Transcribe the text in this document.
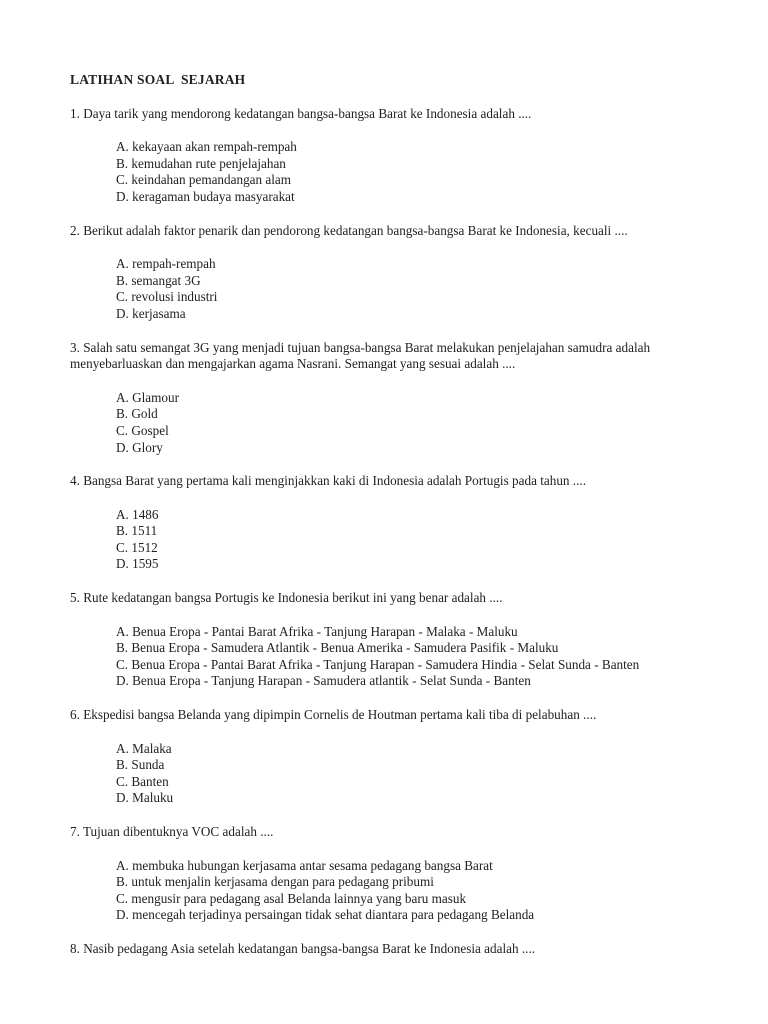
LATIHAN SOAL  SEJARAH

1. Daya tarik yang mendorong kedatangan bangsa-bangsa Barat ke Indonesia adalah ....

A. kekayaan akan rempah-rempah
B. kemudahan rute penjelajahan
C. keindahan pemandangan alam
D. keragaman budaya masyarakat

2. Berikut adalah faktor penarik dan pendorong kedatangan bangsa-bangsa Barat ke Indonesia, kecuali ....

A. rempah-rempah
B. semangat 3G
C. revolusi industri
D. kerjasama

3. Salah satu semangat 3G yang menjadi tujuan bangsa-bangsa Barat melakukan penjelajahan samudra adalah menyebarluaskan dan mengajarkan agama Nasrani. Semangat yang sesuai adalah ....

A. Glamour
B. Gold
C. Gospel
D. Glory

4. Bangsa Barat yang pertama kali menginjakkan kaki di Indonesia adalah Portugis pada tahun ....

A. 1486
B. 1511
C. 1512
D. 1595

5. Rute kedatangan bangsa Portugis ke Indonesia berikut ini yang benar adalah ....

A. Benua Eropa - Pantai Barat Afrika - Tanjung Harapan - Malaka - Maluku
B. Benua Eropa - Samudera Atlantik - Benua Amerika - Samudera Pasifik - Maluku
C. Benua Eropa - Pantai Barat Afrika - Tanjung Harapan - Samudera Hindia - Selat Sunda - Banten
D. Benua Eropa - Tanjung Harapan - Samudera atlantik - Selat Sunda - Banten

6. Ekspedisi bangsa Belanda yang dipimpin Cornelis de Houtman pertama kali tiba di pelabuhan ....

A. Malaka
B. Sunda
C. Banten
D. Maluku

7. Tujuan dibentuknya VOC adalah ....

A. membuka hubungan kerjasama antar sesama pedagang bangsa Barat
B. untuk menjalin kerjasama dengan para pedagang pribumi
C. mengusir para pedagang asal Belanda lainnya yang baru masuk
D. mencegah terjadinya persaingan tidak sehat diantara para pedagang Belanda

8. Nasib pedagang Asia setelah kedatangan bangsa-bangsa Barat ke Indonesia adalah ....
